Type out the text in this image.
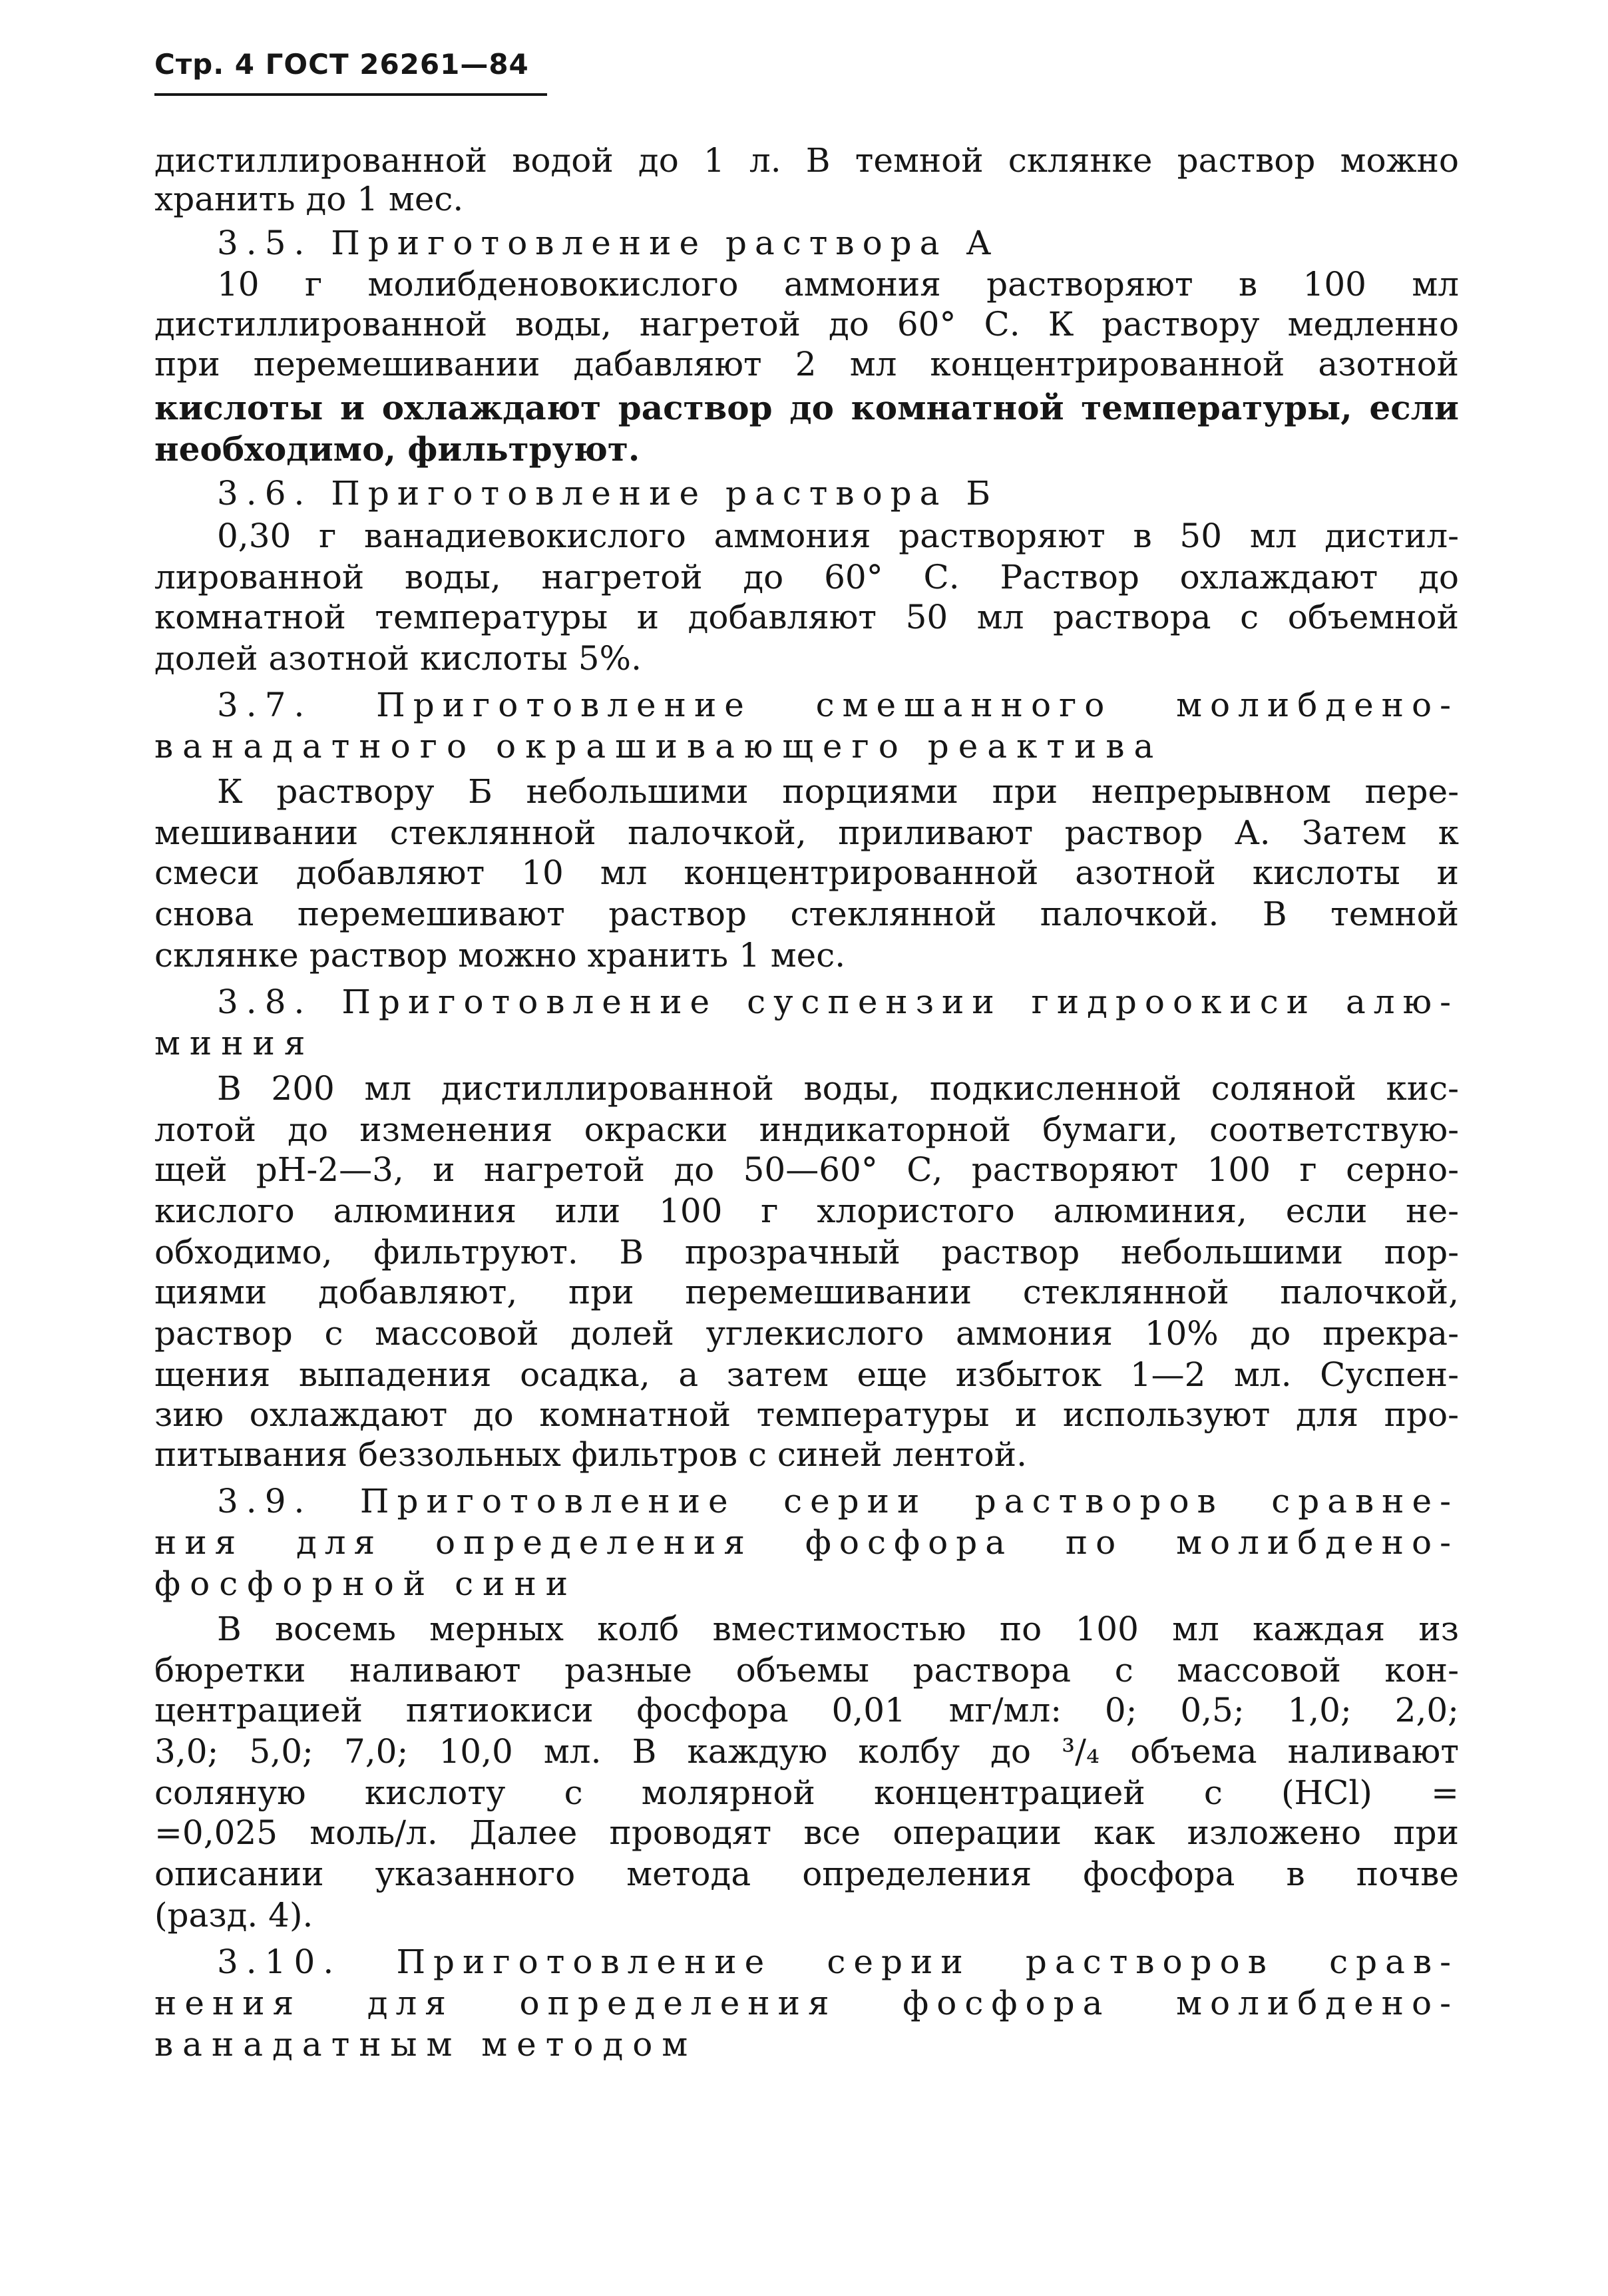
Стр. 4 ГОСТ 26261—84
дистиллированной водой до 1 л. В темной склянке раствор можно
хранить до 1 мес.
3.5. Приготовление раствора А
10 г молибденовокислого аммония растворяют в 100 мл
дистиллированной воды, нагретой до 60° С. К раствору медленно
при перемешивании дабавляют 2 мл концентрированной азотной
кислоты и охлаждают раствор до комнатной температуры, если
необходимо, фильтруют.
3.6. Приготовление раствора Б
0,30 г ванадиевокислого аммония растворяют в 50 мл дистил-
лированной воды, нагретой до 60° С. Раствор охлаждают до
комнатной температуры и добавляют 50 мл раствора с объемной
долей азотной кислоты 5%.
3.7. Приготовление смешанного молибдено-
ванадатного окрашивающего реактива
К раствору Б небольшими порциями при непрерывном пере-
мешивании стеклянной палочкой, приливают раствор А. Затем к
смеси добавляют 10 мл концентрированной азотной кислоты и
снова перемешивают раствор стеклянной палочкой. В темной
склянке раствор можно хранить 1 мес.
3.8. Приготовление суспензии гидроокиси алю-
миния
В 200 мл дистиллированной воды, подкисленной соляной кис-
лотой до изменения окраски индикаторной бумаги, соответствую-
щей pH-2—3, и нагретой до 50—60° С, растворяют 100 г серно-
кислого алюминия или 100 г хлористого алюминия, если не-
обходимо, фильтруют. В прозрачный раствор небольшими пор-
циями добавляют, при перемешивании стеклянной палочкой,
раствор с массовой долей углекислого аммония 10% до прекра-
щения выпадения осадка, а затем еще избыток 1—2 мл. Суспен-
зию охлаждают до комнатной температуры и используют для про-
питывания беззольных фильтров с синей лентой.
3.9. Приготовление серии растворов сравне-
ния для определения фосфора по молибдено-
фосфорной сини
В восемь мерных колб вместимостью по 100 мл каждая из
бюретки наливают разные объемы раствора с массовой кон-
центрацией пятиокиси фосфора 0,01 мг/мл: 0; 0,5; 1,0; 2,0;
3,0; 5,0; 7,0; 10,0 мл. В каждую колбу до ³/₄ объема наливают
соляную кислоту с молярной концентрацией c (HCl) =
=0,025 моль/л. Далее проводят все операции как изложено при
описании указанного метода определения фосфора в почве
(разд. 4).
3.10. Приготовление серии растворов срав-
нения для определения фосфора молибдено-
ванадатным методом
